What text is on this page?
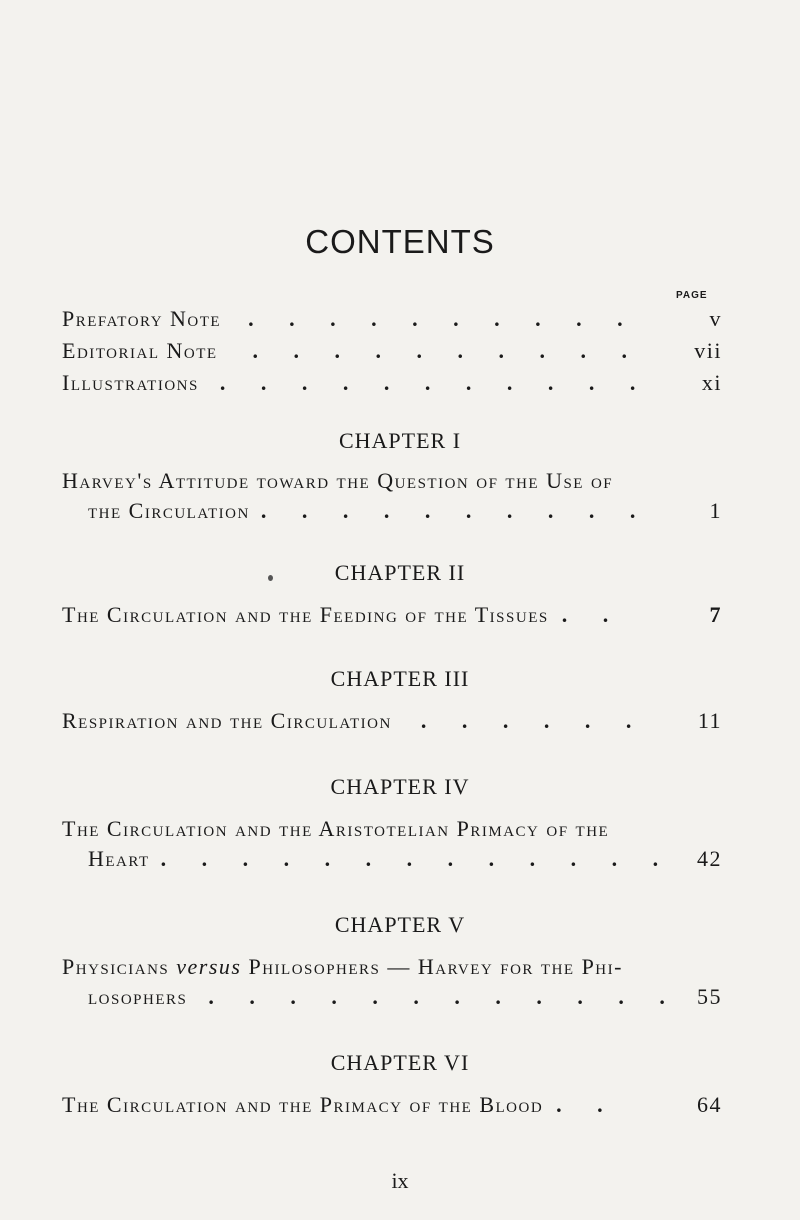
CONTENTS
PAGE
Prefatory Note . . . . . . . . . .	v
Editorial Note . . . . . . . . . . vii
Illustrations . . . . . . . . . . . xi
CHAPTER I
Harvey's Attitude toward the Question of the Use of
the Circulation . . . . . . . . . .	1
CHAPTER II
The Circulation and the Feeding of the Tissues . .	7
CHAPTER III
Respiration and the Circulation . . . . . . 11
CHAPTER IV
The Circulation and the Aristotelian Primacy of the
Heart . . . . . . . . . . . . . 42
CHAPTER V
Physicians versus Philosophers — Harvey for the Phi-
losophers . . . . . . . . . . . . 55
CHAPTER VI
The Circulation and the Primacy of the Blood . .	64
ix
